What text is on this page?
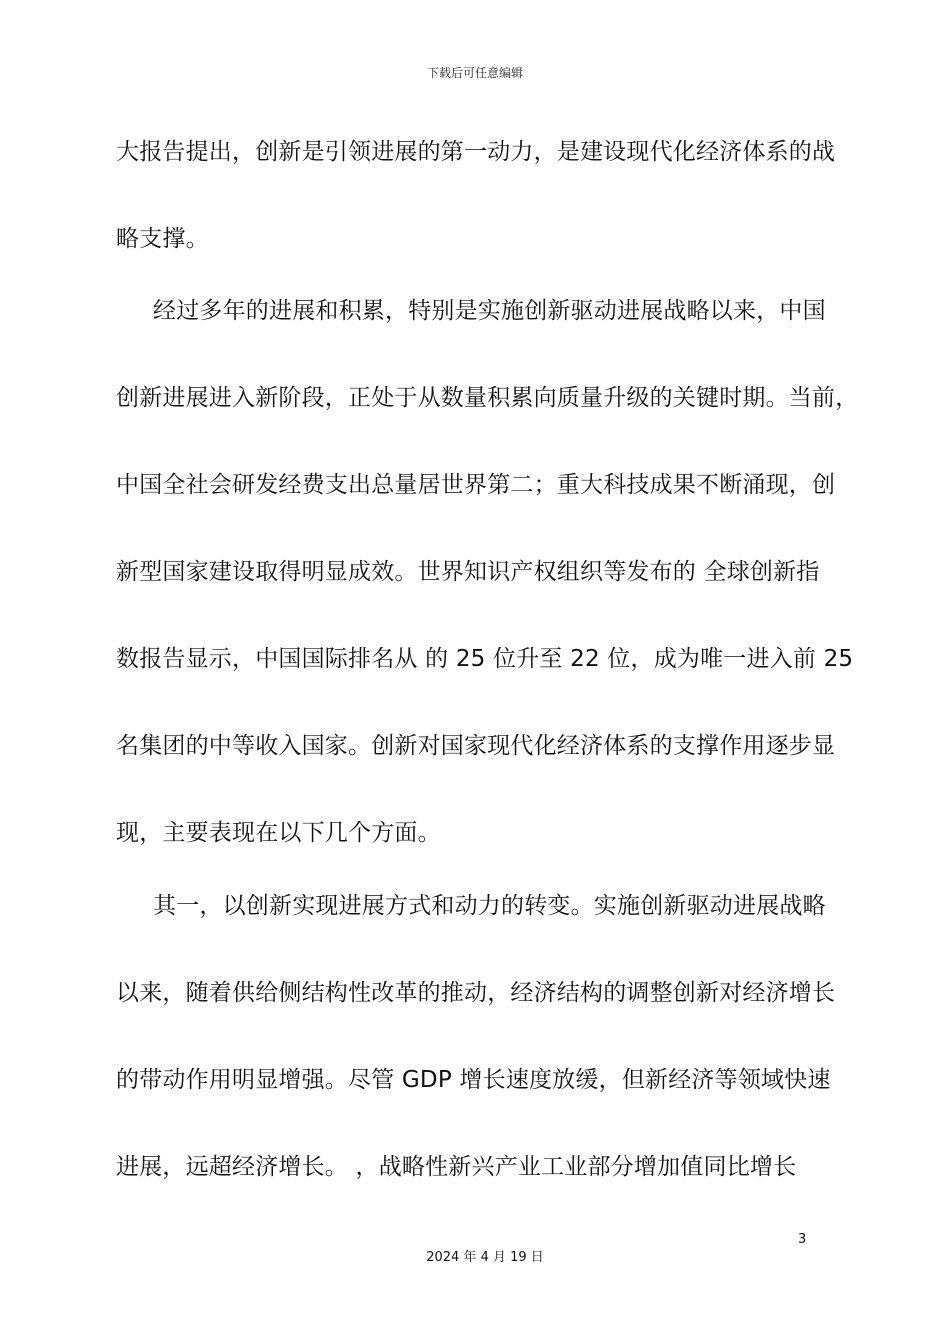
下载后可任意编辑
大报告提出，创新是引领进展的第一动力，是建设现代化经济体系的战
略支撑。
经过多年的进展和积累，特别是实施创新驱动进展战略以来，中国
创新进展进入新阶段，正处于从数量积累向质量升级的关键时期。当前，
中国全社会研发经费支出总量居世界第二；重大科技成果不断涌现，创
新型国家建设取得明显成效。世界知识产权组织等发布的 全球创新指
数报告显示，中国国际排名从 的 25 位升至 22 位，成为唯一进入前 25
名集团的中等收入国家。创新对国家现代化经济体系的支撑作用逐步显
现，主要表现在以下几个方面。
其一，以创新实现进展方式和动力的转变。实施创新驱动进展战略
以来，随着供给侧结构性改革的推动，经济结构的调整创新对经济增长
的带动作用明显增强。尽管 GDP 增长速度放缓，但新经济等领域快速
进展，远超经济增长。 ，战略性新兴产业工业部分增加值同比增长
3
2024 年 4 月 19 日
